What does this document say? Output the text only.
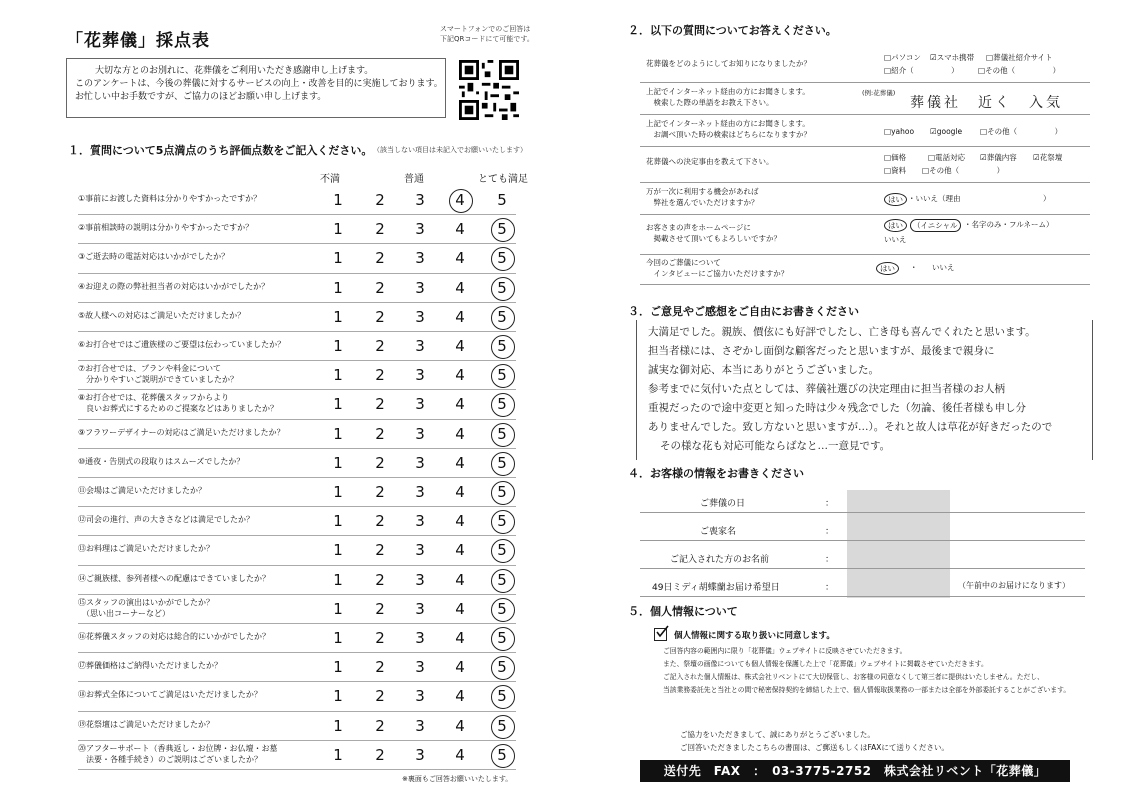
「花葬儀」採点表
スマートフォンでのご回答は
下記QRコードにて可能です。
大切な方とのお別れに、花葬儀をご利用いただき感謝申し上げます。
このアンケートは、今後の葬儀に対するサービスの向上・改善を目的に実施しております。
お忙しい中お手数ですが、ご協力のほどお願い申し上げます。
１．質問について5点満点のうち評価点数をご記入ください。 （該当しない項目は未記入でお願いいたします）
不満	普通	とても満足
①事前にお渡した資料は分かりやすかったですか？	1	2	3	4	5
②事前相談時の説明は分かりやすかったですか？	1	2	3	4	5
③ご逝去時の電話対応はいかがでしたか？	1	2	3	4	5
④お迎えの際の弊社担当者の対応はいかがでしたか？	1	2	3	4	5
⑤故人様への対応はご満足いただけましたか？	1	2	3	4	5
⑥お打合せではご遺族様のご要望は伝わっていましたか？	1	2	3	4	5
⑦お打合せでは、プランや料金について
　分かりやすいご説明ができていましたか？	1	2	3	4	5
⑧お打合せでは、花葬儀スタッフからより
　良いお葬式にするためのご提案などはありましたか？	1	2	3	4	5
⑨フラワーデザイナーの対応はご満足いただけましたか？	1	2	3	4	5
⑩通夜・告別式の段取りはスムーズでしたか？	1	2	3	4	5
⑪会場はご満足いただけましたか？	1	2	3	4	5
⑫司会の進行、声の大きさなどは満足でしたか？	1	2	3	4	5
⑬お料理はご満足いただけましたか？	1	2	3	4	5
⑭ご親族様、参列者様への配慮はできていましたか？	1	2	3	4	5
⑮スタッフの演出はいかがでしたか？
　（思い出コーナーなど）	1	2	3	4	5
⑯花葬儀スタッフの対応は総合的にいかがでしたか？	1	2	3	4	5
⑰葬儀価格はご納得いただけましたか？	1	2	3	4	5
⑱お葬式全体についてご満足はいただけましたか？	1	2	3	4	5
⑲花祭壇はご満足いただけましたか？	1	2	3	4	5
⑳アフターサポート（香典返し・お位牌・お仏壇・お墓
　法要・各種手続き）のご説明はございましたか？	1	2	3	4	5
※裏面もご回答お願いいたします。
２．以下の質問についてお答えください。
花葬儀をどのようにしてお知りになりましたか？
□パソコン ☑スマホ携帯 □葬儀社紹介サイト
□紹介（　　　　　）	□その他（　　　　　）
上記でインターネット経由の方にお聞きします。
　検索した際の単語をお教え下さい。
(例:花葬儀)
葬儀社　近く　入気
上記でインターネット経由の方にお聞きします。
　お調べ頂いた時の検索はどちらになりますか？	□yahoo ☑google □その他（　　　　　）
花葬儀への決定事由を教えて下さい。	□価格	□電話対応 ☑葬儀内容 ☑花祭壇
□資料 □その他（　　　　　）
万が一次に利用する機会があれば
　弊社を選んでいただけますか？	はい ・いいえ（理由　　　　　　　　　　　）
お客さまの声をホームページに
　掲載させて頂いてもよろしいですか？
はい	（イニシャル ・名字のみ・フルネーム）
いいえ
今回のご葬儀について
　インタビューにご協力いただけますか？
はい	・ いいえ
３．ご意見やご感想をご自由にお書きください
大満足でした。親族、價伭にも好評でしたし、亡き母も喜んでくれたと思います。
担当者様には、さぞかし面倒な顧客だったと思いますが、最後まで親身に
誠実な御対応、本当にありがとうございました。
参考までに気付いた点としては、葬儀社選びの決定理由に担当者様のお人柄
重視だったので途中変更と知った時は少々残念でした（勿論、後任者様も申し分
ありませんでした。致し方ないと思いますが…）。それと故人は草花が好きだったので
その様な花も対応可能ならばなと…一意見です。
４．お客様の情報をお書きください
ご葬儀の日	：
ご喪家名	：
ご記入された方のお名前	：
49日ミディ胡蝶蘭お届け希望日	：	（午前中のお届けになります）
５．個人情報について
個人情報に関する取り扱いに同意します。
ご回答内容の範囲内に限り「花葬儀」ウェブサイトに反映させていただきます。
また、祭壇の画像についても個人情報を保護した上で「花葬儀」ウェブサイトに掲載させていただきます。
ご記入された個人情報は、株式会社リベントにて大切保管し、お客様の同意なくして第三者に提供はいたしません。ただし、
当該業務委託先と当社との間で秘密保持契約を締結した上で、個人情報取扱業務の一部または全部を外部委託することがございます。
ご協力をいただきまして、誠にありがとうございました。
ご回答いただきましたこちらの書面は、ご郵送もしくはFAXにて送りください。
送付先　FAX　：　03-3775-2752　株式会社リベント「花葬儀」
